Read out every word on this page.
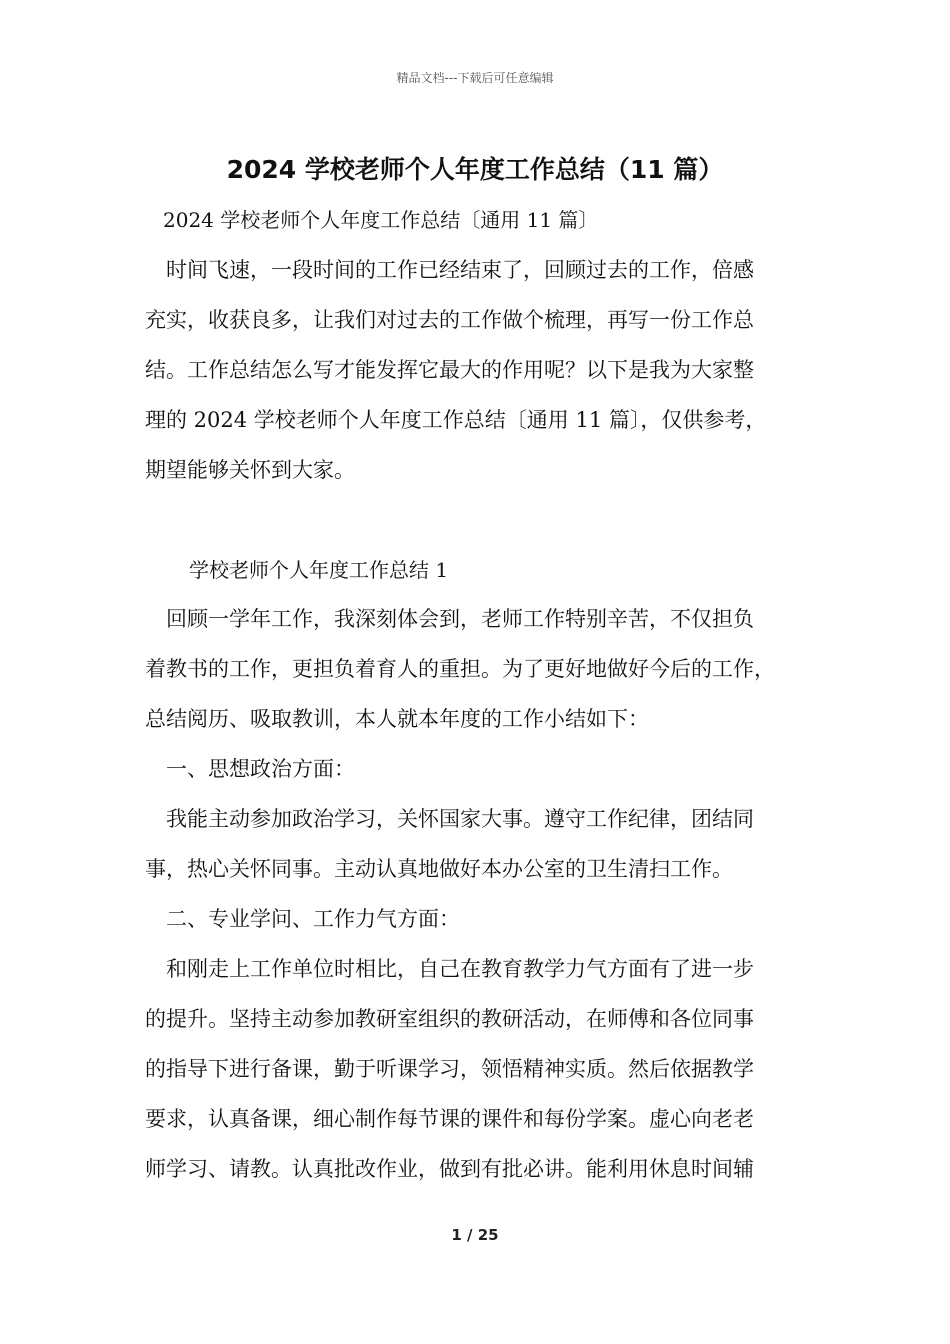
精品文档---下载后可任意编辑
2024 学校老师个人年度工作总结（11 篇）

2024 学校老师个人年度工作总结〔通用 11 篇〕

　时间飞速，一段时间的工作已经结束了，回顾过去的工作，倍感

充实，收获良多，让我们对过去的工作做个梳理，再写一份工作总

结。工作总结怎么写才能发挥它最大的作用呢？以下是我为大家整

理的 2024 学校老师个人年度工作总结〔通用 11 篇〕，仅供参考，

期望能够关怀到大家。

学校老师个人年度工作总结 1

　回顾一学年工作，我深刻体会到，老师工作特别辛苦，不仅担负

着教书的工作，更担负着育人的重担。为了更好地做好今后的工作，

总结阅历、吸取教训，本人就本年度的工作小结如下：

　一、思想政治方面：

　我能主动参加政治学习，关怀国家大事。遵守工作纪律，团结同

事，热心关怀同事。主动认真地做好本办公室的卫生清扫工作。

　二、专业学问、工作力气方面：

　和刚走上工作单位时相比，自己在教育教学力气方面有了进一步

的提升。坚持主动参加教研室组织的教研活动，在师傅和各位同事

的指导下进行备课，勤于听课学习，领悟精神实质。然后依据教学

要求，认真备课，细心制作每节课的课件和每份学案。虚心向老老

师学习、请教。认真批改作业，做到有批必讲。能利用休息时间辅

1 / 25
